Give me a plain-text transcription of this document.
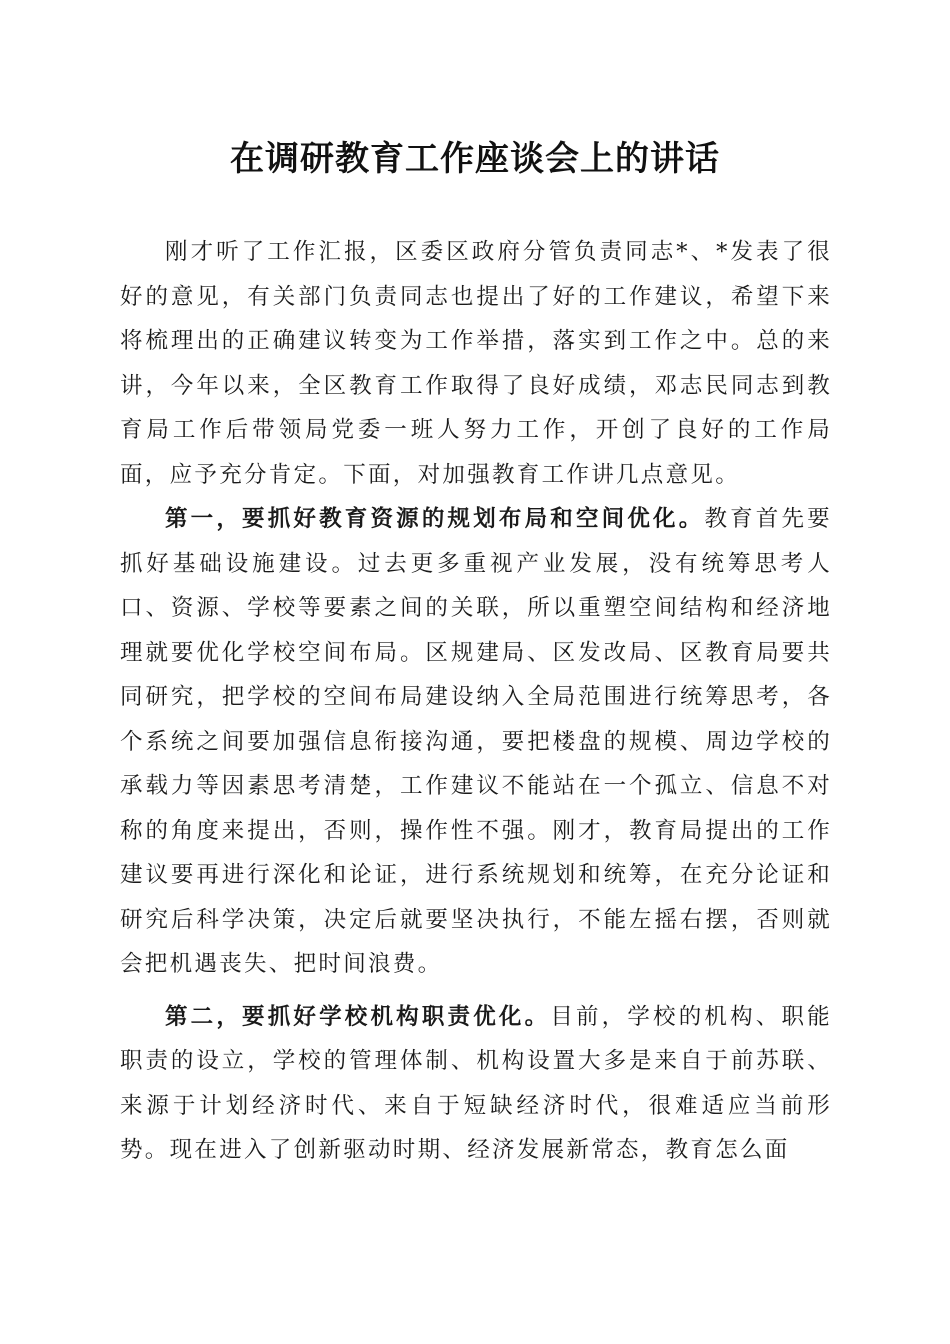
在调研教育工作座谈会上的讲话

刚才听了工作汇报，区委区政府分管负责同志*、*发表了很好的意见，有关部门负责同志也提出了好的工作建议，希望下来将梳理出的正确建议转变为工作举措，落实到工作之中。总的来讲，今年以来，全区教育工作取得了良好成绩，邓志民同志到教育局工作后带领局党委一班人努力工作，开创了良好的工作局面，应予充分肯定。下面，对加强教育工作讲几点意见。

第一，要抓好教育资源的规划布局和空间优化。教育首先要抓好基础设施建设。过去更多重视产业发展，没有统筹思考人口、资源、学校等要素之间的关联，所以重塑空间结构和经济地理就要优化学校空间布局。区规建局、区发改局、区教育局要共同研究，把学校的空间布局建设纳入全局范围进行统筹思考，各个系统之间要加强信息衔接沟通，要把楼盘的规模、周边学校的承载力等因素思考清楚，工作建议不能站在一个孤立、信息不对称的角度来提出，否则，操作性不强。刚才，教育局提出的工作建议要再进行深化和论证，进行系统规划和统筹，在充分论证和研究后科学决策，决定后就要坚决执行，不能左摇右摆，否则就会把机遇丧失、把时间浪费。

第二，要抓好学校机构职责优化。目前，学校的机构、职能职责的设立，学校的管理体制、机构设置大多是来自于前苏联、来源于计划经济时代、来自于短缺经济时代，很难适应当前形势。现在进入了创新驱动时期、经济发展新常态，教育怎么面
